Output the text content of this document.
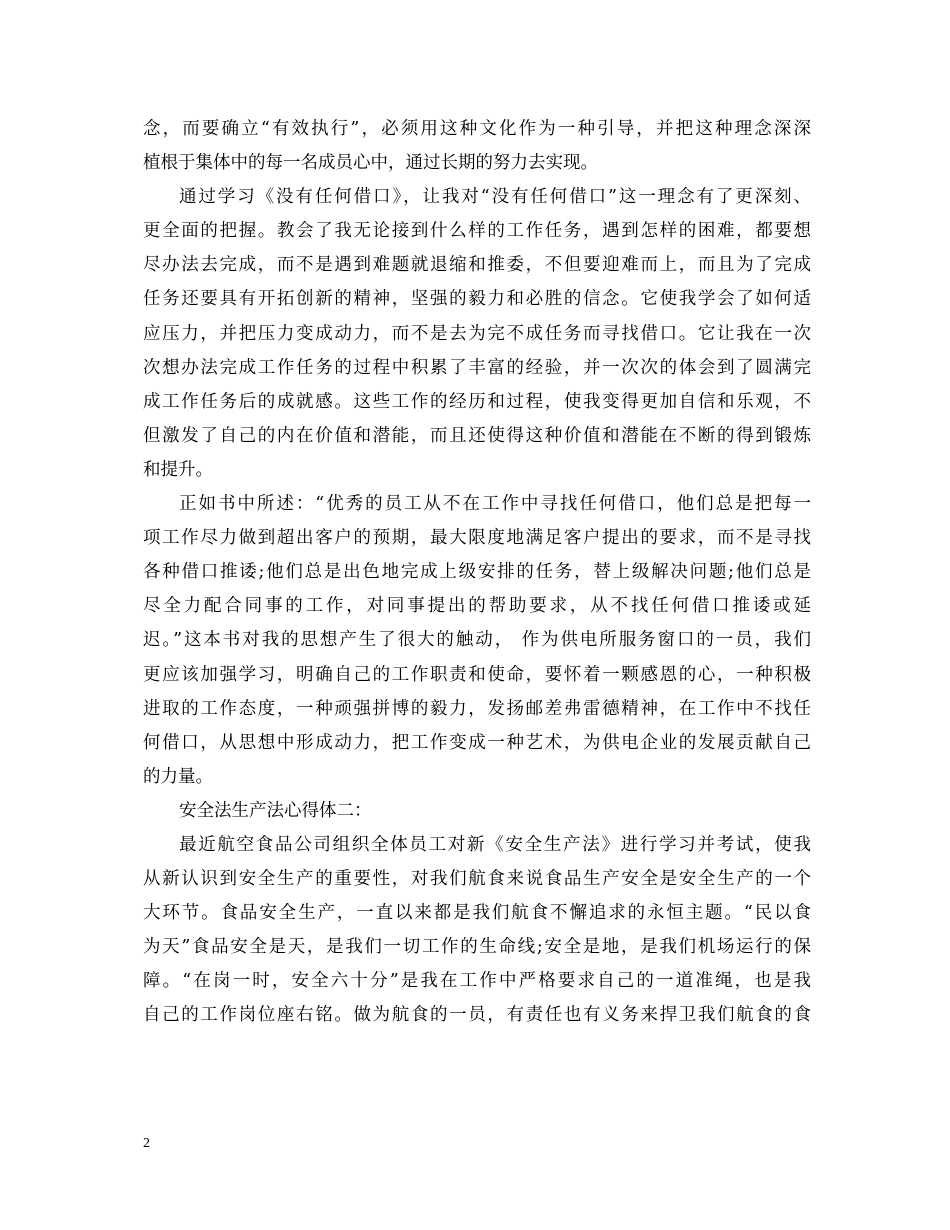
念，而要确立“有效执行”，必须用这种文化作为一种引导，并把这种理念深深
植根于集体中的每一名成员心中，通过长期的努力去实现。
通过学习《没有任何借口》，让我对“没有任何借口”这一理念有了更深刻、
更全面的把握。教会了我无论接到什么样的工作任务，遇到怎样的困难，都要想
尽办法去完成，而不是遇到难题就退缩和推委，不但要迎难而上，而且为了完成
任务还要具有开拓创新的精神，坚强的毅力和必胜的信念。它使我学会了如何适
应压力，并把压力变成动力，而不是去为完不成任务而寻找借口。它让我在一次
次想办法完成工作任务的过程中积累了丰富的经验，并一次次的体会到了圆满完
成工作任务后的成就感。这些工作的经历和过程，使我变得更加自信和乐观，不
但激发了自己的内在价值和潜能，而且还使得这种价值和潜能在不断的得到锻炼
和提升。
正如书中所述：“优秀的员工从不在工作中寻找任何借口，他们总是把每一
项工作尽力做到超出客户的预期，最大限度地满足客户提出的要求，而不是寻找
各种借口推诿;他们总是出色地完成上级安排的任务，替上级解决问题;他们总是
尽全力配合同事的工作，对同事提出的帮助要求，从不找任何借口推诿或延
迟。”这本书对我的思想产生了很大的触动， 作为供电所服务窗口的一员，我们
更应该加强学习，明确自己的工作职责和使命，要怀着一颗感恩的心，一种积极
进取的工作态度，一种顽强拼博的毅力，发扬邮差弗雷德精神，在工作中不找任
何借口，从思想中形成动力，把工作变成一种艺术，为供电企业的发展贡献自己
的力量。
安全法生产法心得体二：
最近航空食品公司组织全体员工对新《安全生产法》进行学习并考试，使我
从新认识到安全生产的重要性，对我们航食来说食品生产安全是安全生产的一个
大环节。食品安全生产，一直以来都是我们航食不懈追求的永恒主题。“民以食
为天”食品安全是天，是我们一切工作的生命线;安全是地，是我们机场运行的保
障。“在岗一时，安全六十分”是我在工作中严格要求自己的一道准绳，也是我
自己的工作岗位座右铭。做为航食的一员，有责任也有义务来捍卫我们航食的食
2
